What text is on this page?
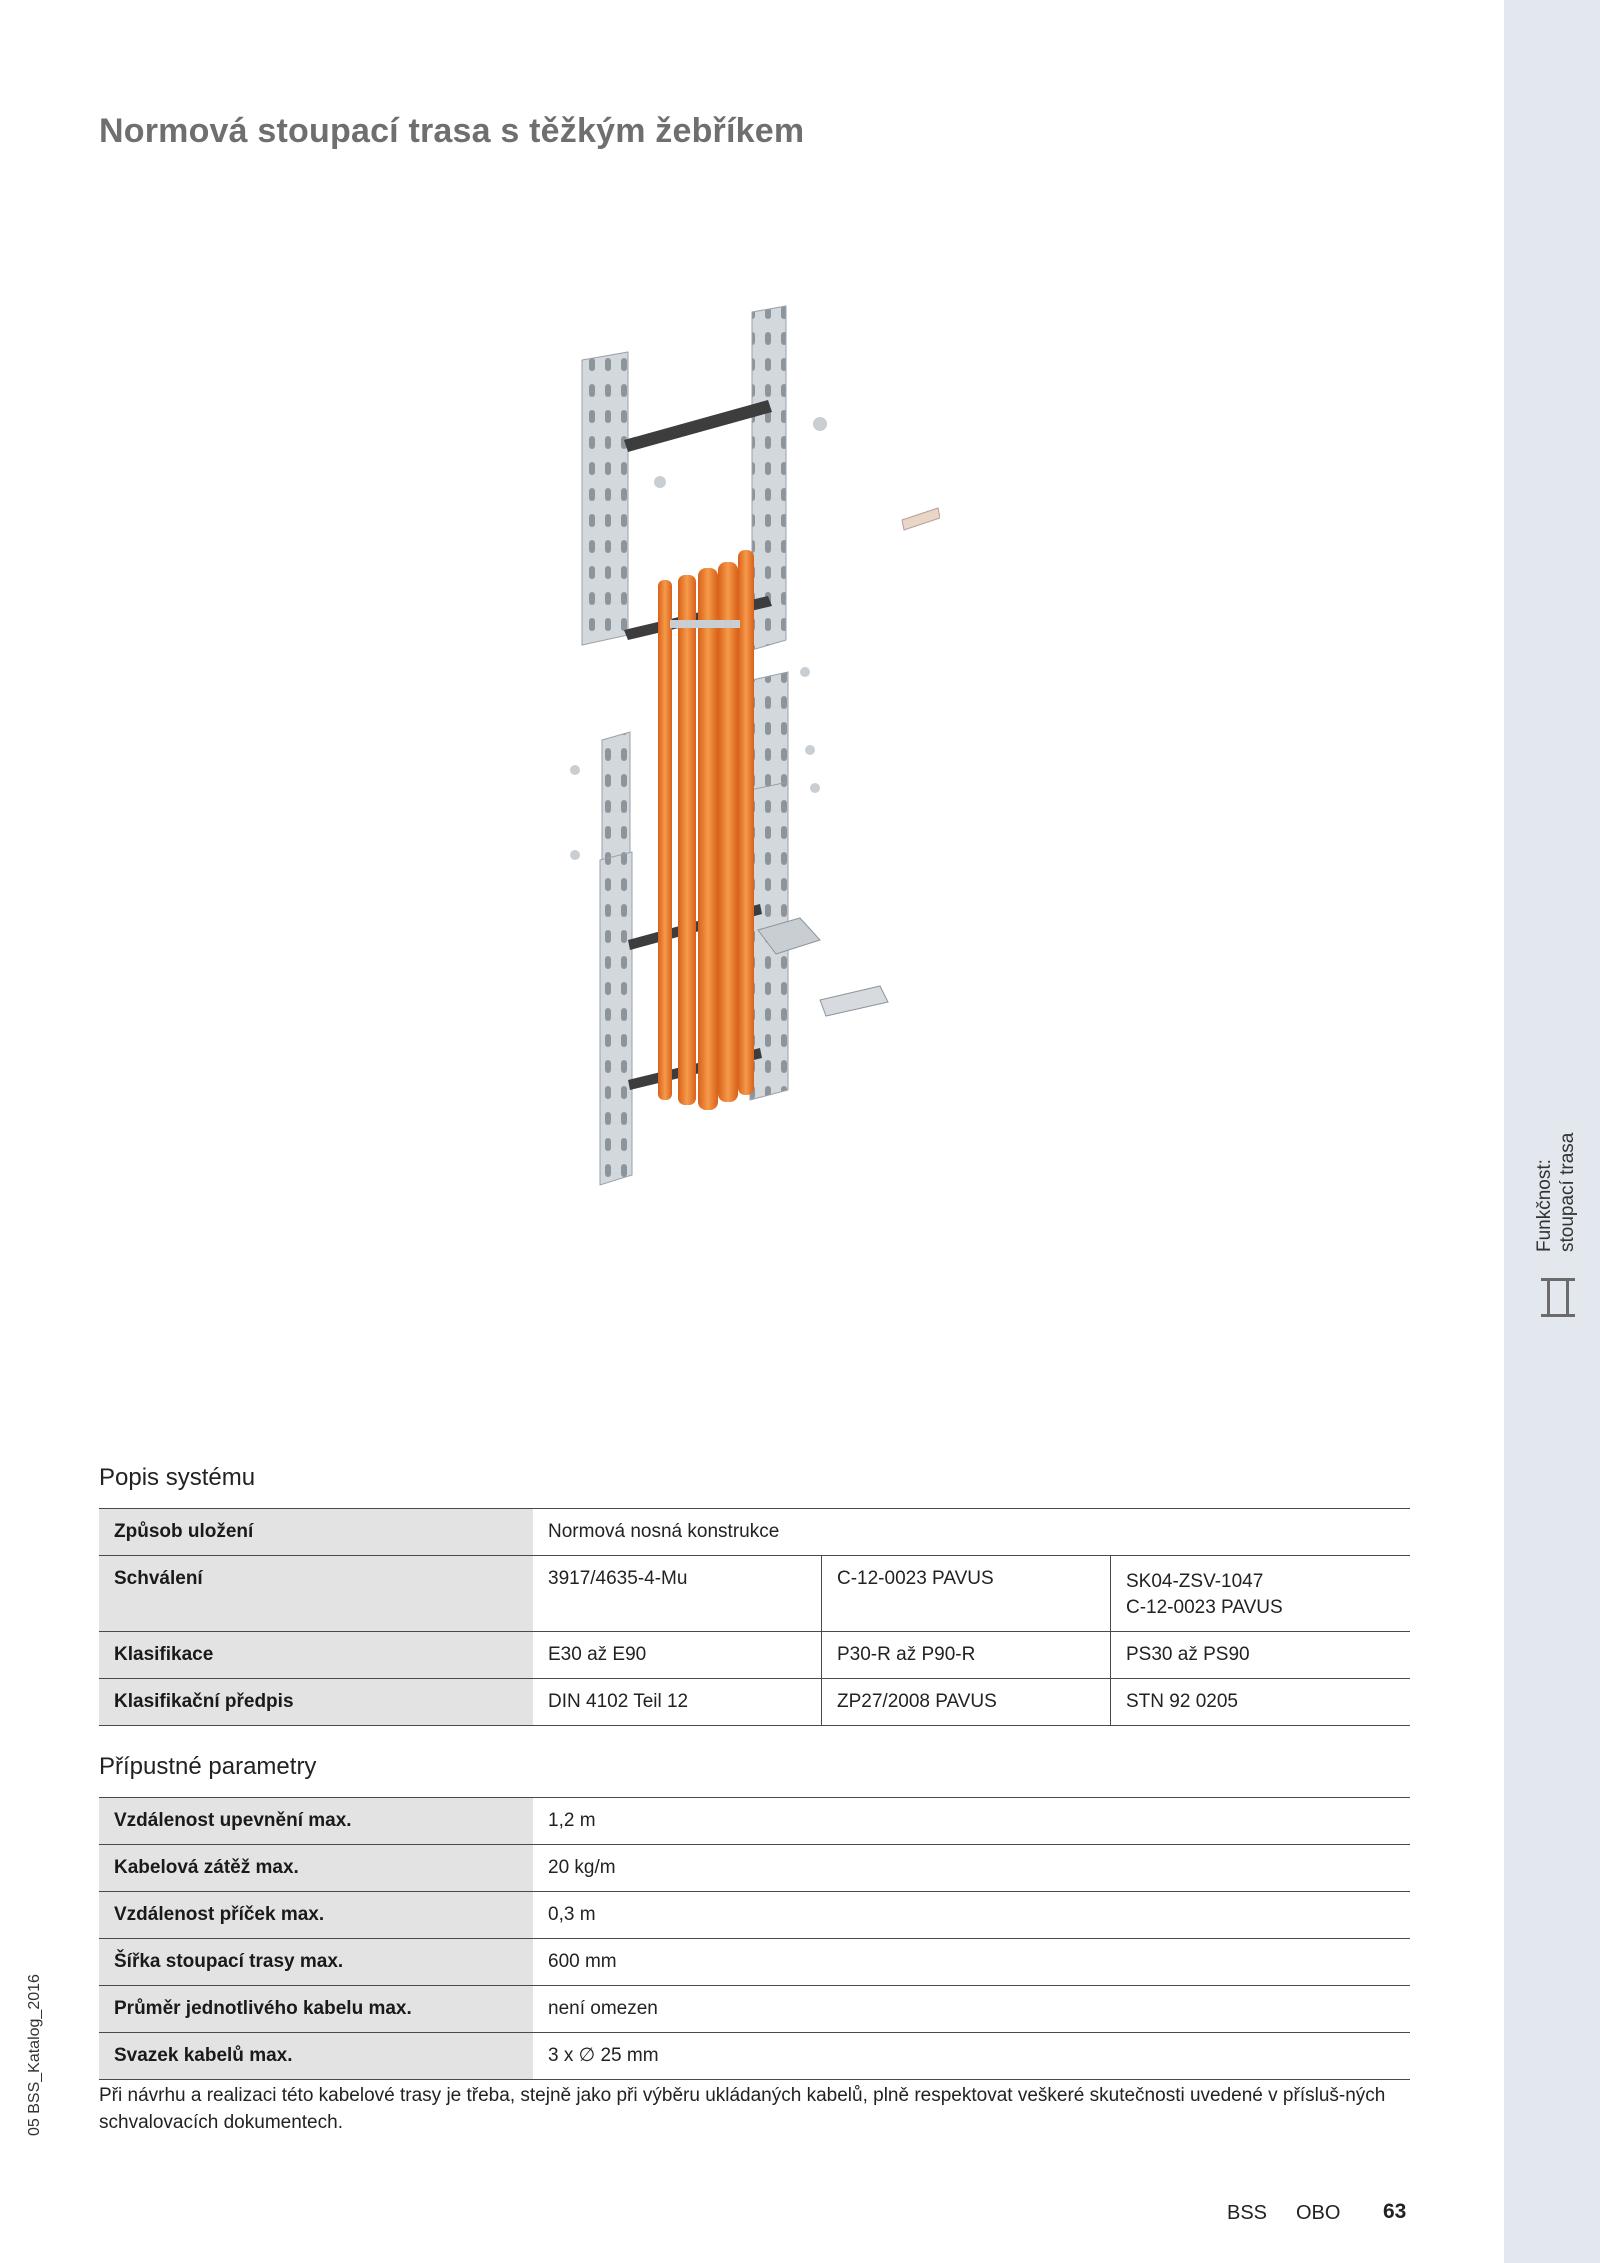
Funkčnost: stoupací trasa
Normová stoupací trasa s těžkým žebříkem
Popis systému
Způsob uložení	Normová nosná konstrukce		
Schválení	3917/4635-4-Mu	C-12-0023 PAVUS	SK04-ZSV-1047
C-12-0023 PAVUS

Klasifikace	E30 až E90	P30-R až P90-R	PS30 až PS90
Klasifikační předpis	DIN 4102 Teil 12	ZP27/2008 PAVUS	STN 92 0205
Přípustné parametry
Vzdálenost upevnění max.	1,2 m
Kabelová zátěž max.	20 kg/m
Vzdálenost příček max.	0,3 m
Šířka stoupací trasy max.	600 mm
Průměr jednotlivého kabelu max.	není omezen
Svazek kabelů max.	3 x ∅ 25 mm

Při návrhu a realizaci této kabelové trasy je třeba, stejně jako při výběru ukládaných kabelů, plně respektovat veškeré skutečnosti uvedené v přísluš-ných schvalovacích dokumentech.

05 BSS_Katalog_2016
BSS OBO 63
